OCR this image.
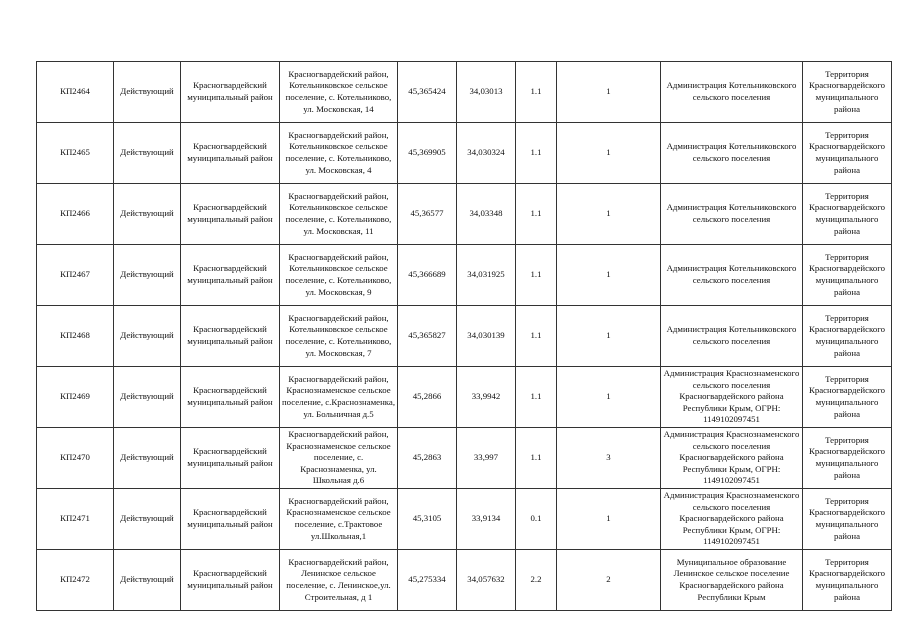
КП2464	Действующий	Красногвардейский муниципальный район	Красногвардейский район, Котельниковское сельское поселение, с. Котельниково, ул. Московская, 14	45,365424	34,03013	1.1	1	Администрация Котельниковского сельского поселения	Территория Красногвардейского муниципального района
КП2465	Действующий	Красногвардейский муниципальный район	Красногвардейский район, Котельниковское сельское поселение, с. Котельниково, ул. Московская, 4	45,369905	34,030324	1.1	1	Администрация Котельниковского сельского поселения	Территория Красногвардейского муниципального района
КП2466	Действующий	Красногвардейский муниципальный район	Красногвардейский район, Котельниковское сельское поселение, с. Котельниково, ул. Московская, 11	45,36577	34,03348	1.1	1	Администрация Котельниковского сельского поселения	Территория Красногвардейского муниципального района
КП2467	Действующий	Красногвардейский муниципальный район	Красногвардейский район, Котельниковское сельское поселение, с. Котельниково, ул. Московская, 9	45,366689	34,031925	1.1	1	Администрация Котельниковского сельского поселения	Территория Красногвардейского муниципального района
КП2468	Действующий	Красногвардейский муниципальный район	Красногвардейский район, Котельниковское сельское поселение, с. Котельниково, ул. Московская, 7	45,365827	34,030139	1.1	1	Администрация Котельниковского сельского поселения	Территория Красногвардейского муниципального района
КП2469	Действующий	Красногвардейский муниципальный район	Красногвардейский район, Краснознаменское сельское поселение, с.Краснознаменка, ул. Больничная д.5	45,2866	33,9942	1.1	1	Администрация Краснознаменского сельского поселения Красногвардейского района Республики Крым, ОГРН: 1149102097451	Территория Красногвардейского муниципального района
КП2470	Действующий	Красногвардейский муниципальный район	Красногвардейский район, Краснознаменское сельское поселение, с. Краснознаменка, ул. Школьная д.6	45,2863	33,997	1.1	3	Администрация Краснознаменского сельского поселения Красногвардейского района Республики Крым, ОГРН: 1149102097451	Территория Красногвардейского муниципального района
КП2471	Действующий	Красногвардейский муниципальный район	Красногвардейский район, Краснознаменское сельское поселение, с.Трактовое ул.Школьная,1	45,3105	33,9134	0.1	1	Администрация Краснознаменского сельского поселения Красногвардейского района Республики Крым, ОГРН: 1149102097451	Территория Красногвардейского муниципального района
КП2472	Действующий	Красногвардейский муниципальный район	Красногвардейский район, Ленинское сельское поселение, с. Ленинское,ул. Строительная, д 1	45,275334	34,057632	2.2	2	Муниципальное образование Ленинское сельское поселение Красногвардейского района Республики Крым	Территория Красногвардейского муниципального района
